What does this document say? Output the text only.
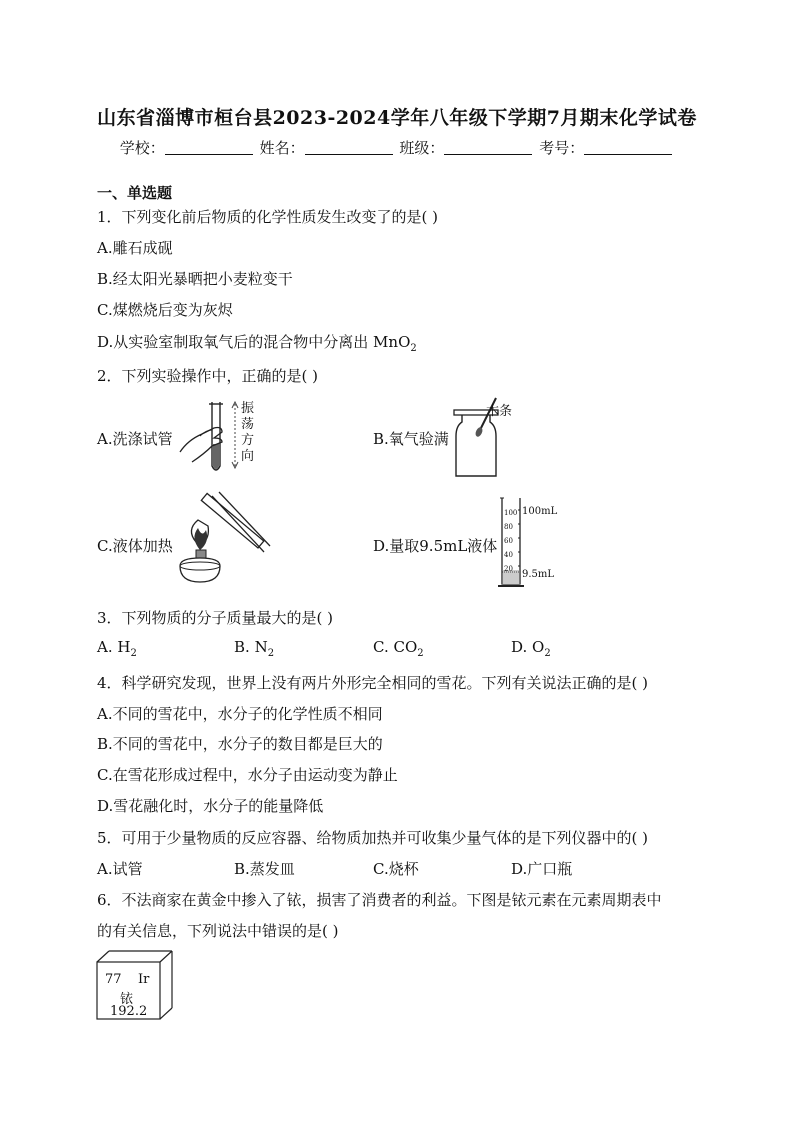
山东省淄博市桓台县2023-2024学年八年级下学期7月期末化学试卷
学校：	姓名：	班级：	考号：
一、单选题
1．下列变化前后物质的化学性质发生改变了的是( )
A.雕石成砚
B.经太阳光暴晒把小麦粒变干
C.煤燃烧后变为灰烬
D.从实验室制取氧气后的混合物中分离出 MnO$_2$
2．下列实验操作中，正确的是( )
A.洗涤试管
振
荡
方
向
B.氧气验满
木条
C.液体加热	D.量取9.5mL液体
100
80
60
40
20
100mL
9.5mL
3．下列物质的分子质量最大的是( )
A. $H_2$	B. $N_2$	C. $CO_2$	D. $O_2$
4．科学研究发现，世界上没有两片外形完全相同的雪花。下列有关说法正确的是( )
A.不同的雪花中，水分子的化学性质不相同
B.不同的雪花中，水分子的数目都是巨大的
C.在雪花形成过程中，水分子由运动变为静止
D.雪花融化时，水分子的能量降低
5．可用于少量物质的反应容器、给物质加热并可收集少量气体的是下列仪器中的( )
A.试管	B.蒸发皿	C.烧杯	D.广口瓶
6．不法商家在黄金中掺入了铱，损害了消费者的利益。下图是铱元素在元素周期表中
的有关信息，下列说法中错误的是( )
77 Ir
铱
192.2
